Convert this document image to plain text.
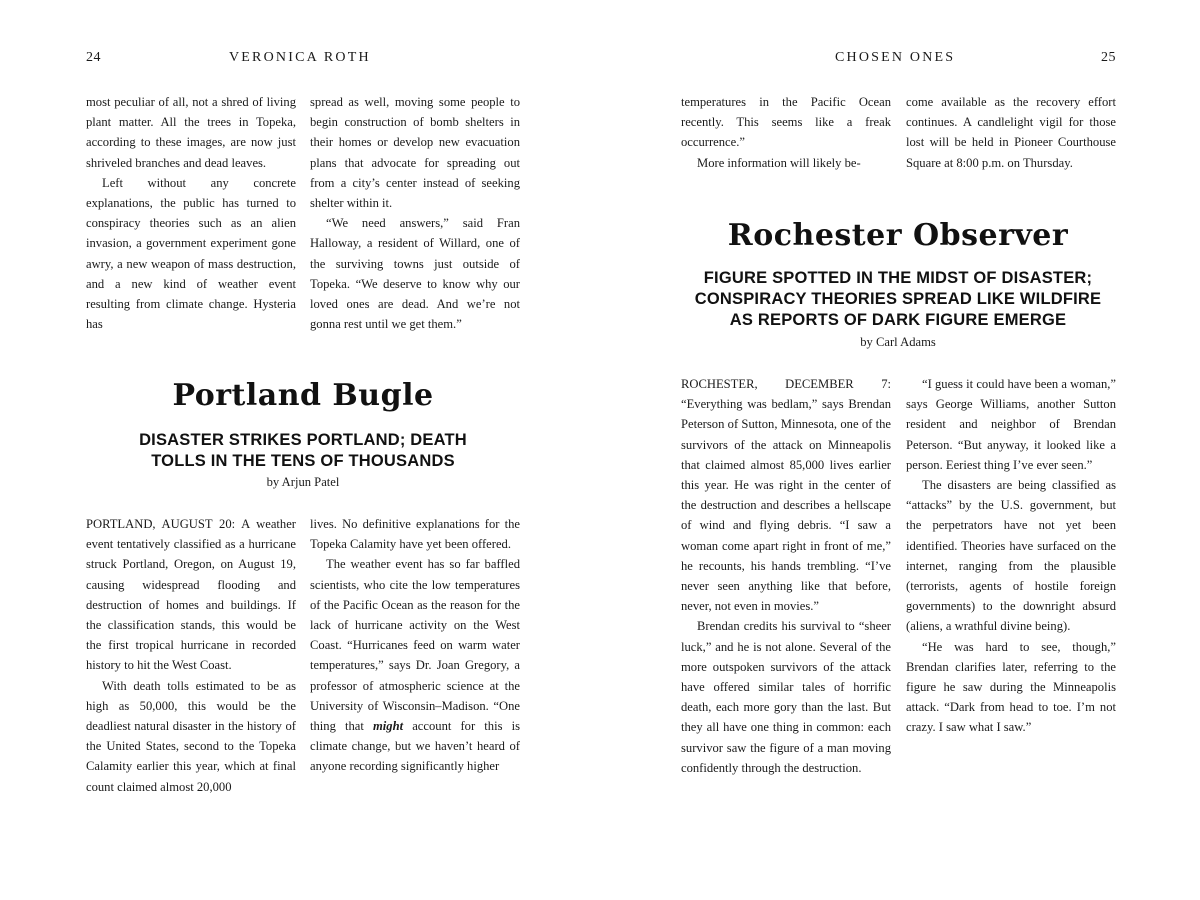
24	VERONICA ROTH

most peculiar of all, not a shred of living plant matter. All the trees in Topeka, according to these images, are now just shriveled branches and dead leaves.

Left without any concrete explanations, the public has turned to conspiracy theories such as an alien invasion, a government experiment gone awry, a new weapon of mass destruction, and a new kind of weather event resulting from climate change. Hysteria has

spread as well, moving some people to begin construction of bomb shelters in their homes or develop new evacuation plans that advocate for spreading out from a city’s center instead of seeking shelter within it.

“We need answers,” said Fran Halloway, a resident of Willard, one of the surviving towns just outside of Topeka. “We deserve to know why our loved ones are dead. And we’re not gonna rest until we get them.”

Portland Bugle
DISASTER STRIKES PORTLAND; DEATH
TOLLS IN THE TENS OF THOUSANDS
by Arjun Patel

PORTLAND, AUGUST 20: A weather event tentatively classified as a hurricane struck Portland, Oregon, on August 19, causing widespread flooding and destruction of homes and buildings. If the classification stands, this would be the first tropical hurricane in recorded history to hit the West Coast.

With death tolls estimated to be as high as 50,000, this would be the deadliest natural disaster in the history of the United States, second to the Topeka Calamity earlier this year, which at final count claimed almost 20,000

lives. No definitive explanations for the Topeka Calamity have yet been offered.

The weather event has so far baffled scientists, who cite the low temperatures of the Pacific Ocean as the reason for the lack of hurricane activity on the West Coast. “Hurricanes feed on warm water temperatures,” says Dr. Joan Gregory, a professor of atmospheric science at the University of Wisconsin–Madison. “One thing that might account for this is climate change, but we haven’t heard of anyone recording significantly higher

CHOSEN ONES	25

temperatures in the Pacific Ocean recently. This seems like a freak occurrence.”

More information will likely be-

come available as the recovery effort continues. A candlelight vigil for those lost will be held in Pioneer Courthouse Square at 8:00 p.m. on Thursday.

Rochester Observer
FIGURE SPOTTED IN THE MIDST OF DISASTER;
CONSPIRACY THEORIES SPREAD LIKE WILDFIRE
AS REPORTS OF DARK FIGURE EMERGE
by Carl Adams

ROCHESTER, DECEMBER 7: “Everything was bedlam,” says Brendan Peterson of Sutton, Minnesota, one of the survivors of the attack on Minneapolis that claimed almost 85,000 lives earlier this year. He was right in the center of the destruction and describes a hellscape of wind and flying debris. “I saw a woman come apart right in front of me,” he recounts, his hands trembling. “I’ve never seen anything like that before, never, not even in movies.”

Brendan credits his survival to “sheer luck,” and he is not alone. Several of the more outspoken survivors of the attack have offered similar tales of horrific death, each more gory than the last. But they all have one thing in common: each survivor saw the figure of a man moving confidently through the destruction.

“I guess it could have been a woman,” says George Williams, another Sutton resident and neighbor of Brendan Peterson. “But anyway, it looked like a person. Eeriest thing I’ve ever seen.”

The disasters are being classified as “attacks” by the U.S. government, but the perpetrators have not yet been identified. Theories have surfaced on the internet, ranging from the plausible (terrorists, agents of hostile foreign governments) to the downright absurd (aliens, a wrathful divine being).

“He was hard to see, though,” Brendan clarifies later, referring to the figure he saw during the Minneapolis attack. “Dark from head to toe. I’m not crazy. I saw what I saw.”
